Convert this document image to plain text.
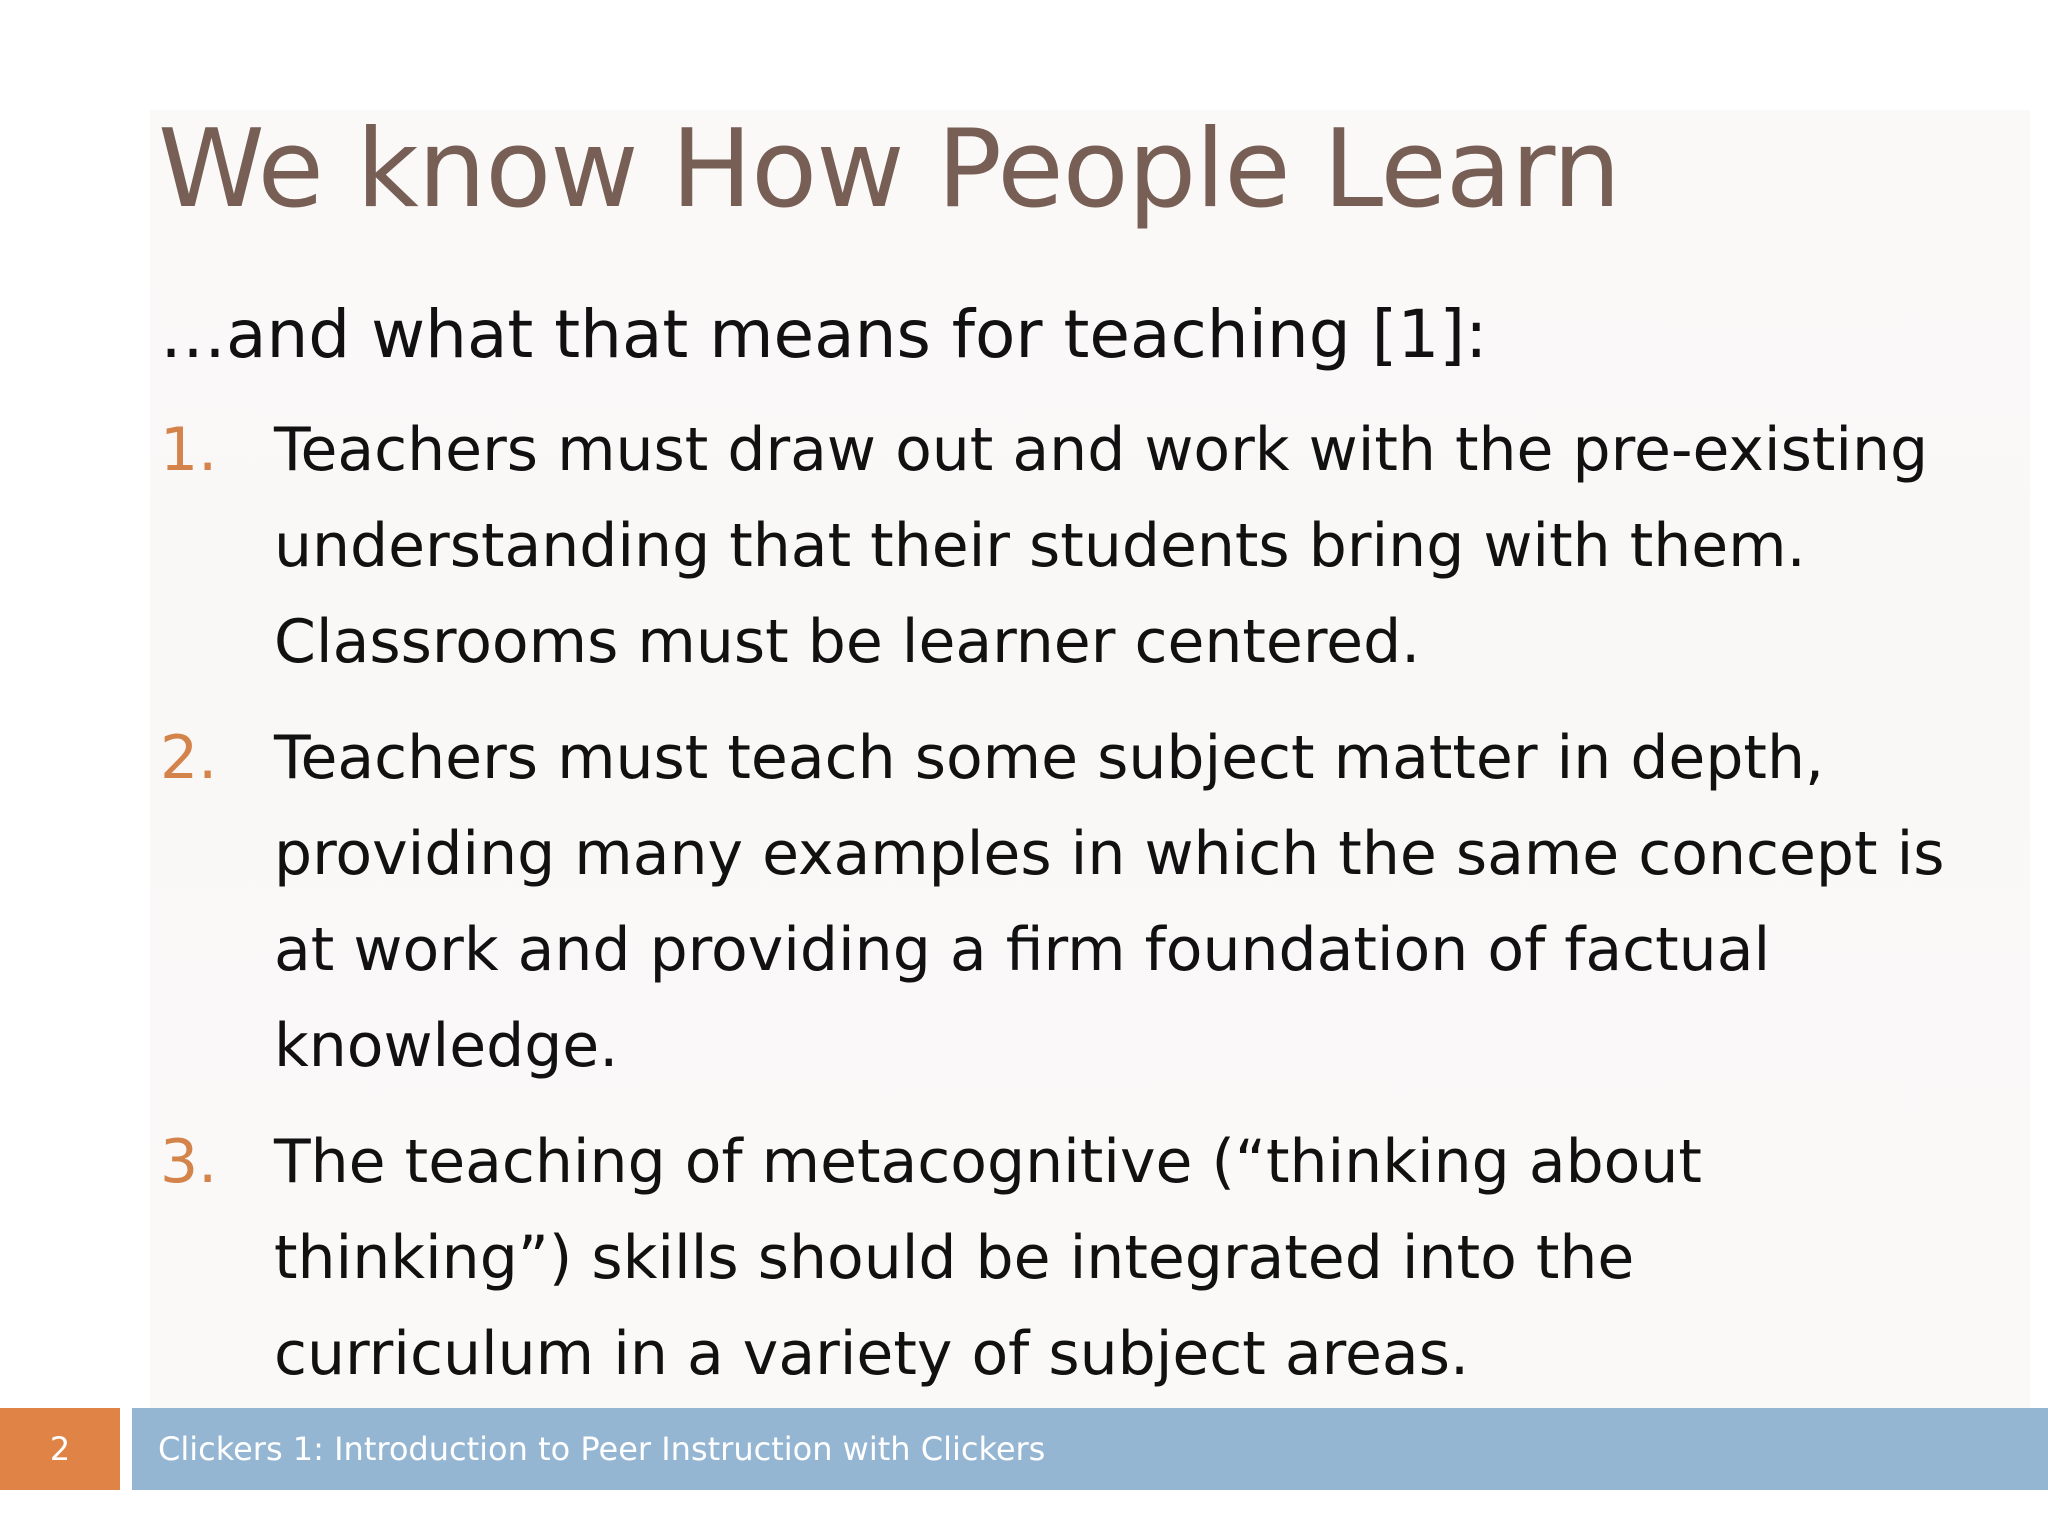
We know How People Learn
…and what that means for teaching [1]:
1. Teachers must draw out and work with the pre-existing understanding that their students bring with them. Classrooms must be learner centered.
2. Teachers must teach some subject matter in depth, providing many examples in which the same concept is at work and providing a firm foundation of factual knowledge.
3. The teaching of metacognitive (“thinking about thinking”) skills should be integrated into the curriculum in a variety of subject areas.
2	Clickers 1: Introduction to Peer Instruction with Clickers
